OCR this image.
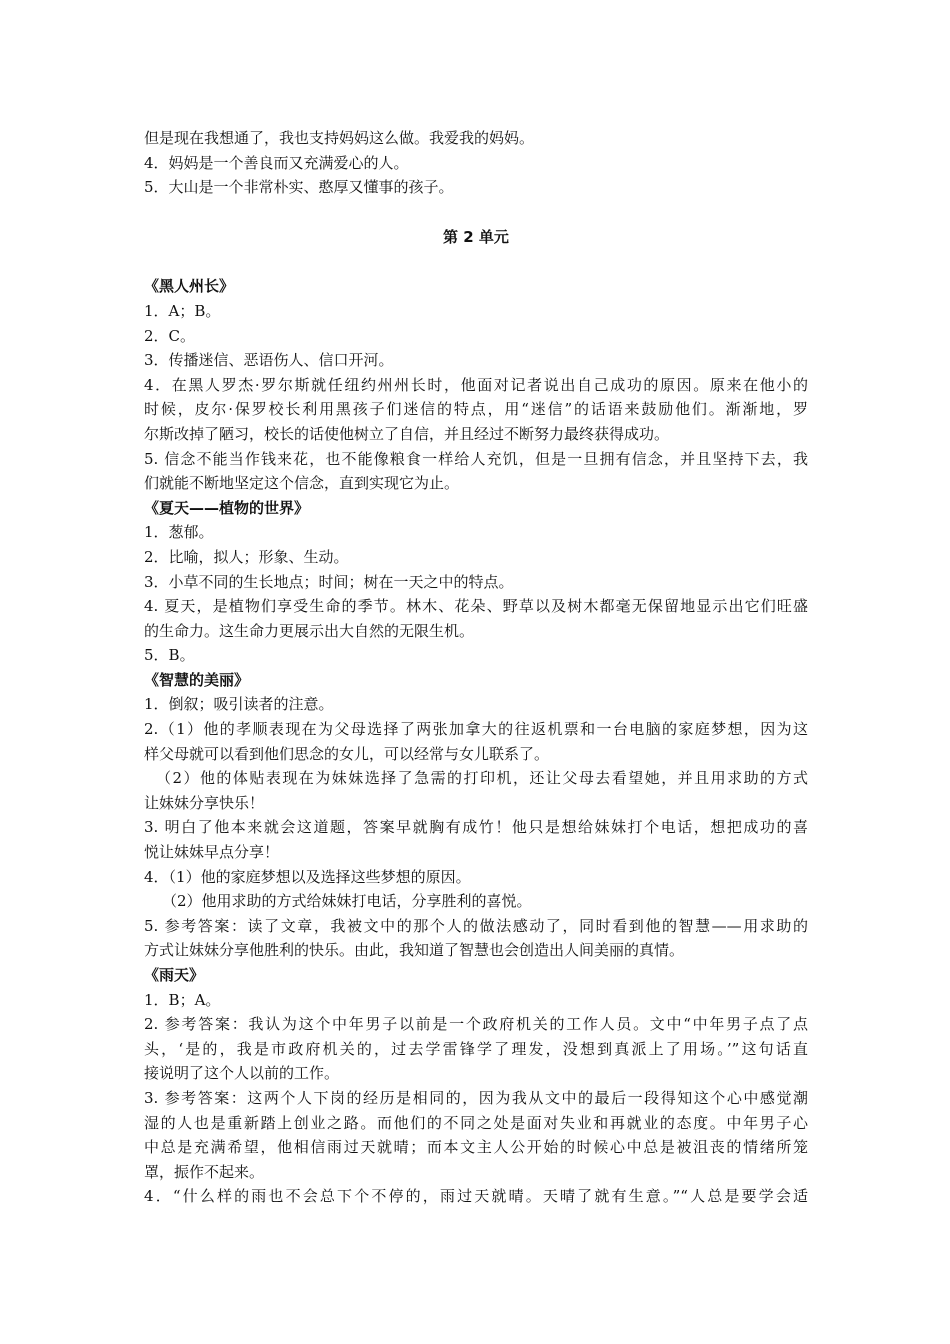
但是现在我想通了，我也支持妈妈这么做。我爱我的妈妈。
4．妈妈是一个善良而又充满爱心的人。
5．大山是一个非常朴实、憨厚又懂事的孩子。
第 2 单元
《黑人州长》
1．A；B。
2．C。
3．传播迷信、恶语伤人、信口开河。
4．在黑人罗杰·罗尔斯就任纽约州州长时，他面对记者说出自己成功的原因。原来在他小的
时候，皮尔·保罗校长利用黑孩子们迷信的特点，用“迷信”的话语来鼓励他们。渐渐地，罗
尔斯改掉了陋习，校长的话使他树立了自信，并且经过不断努力最终获得成功。
5. 信念不能当作钱来花，也不能像粮食一样给人充饥，但是一旦拥有信念，并且坚持下去，我
们就能不断地坚定这个信念，直到实现它为止。
《夏天——植物的世界》
1．葱郁。
2．比喻，拟人；形象、生动。
3．小草不同的生长地点；时间；树在一天之中的特点。
4. 夏天，是植物们享受生命的季节。林木、花朵、野草以及树木都毫无保留地显示出它们旺盛
的生命力。这生命力更展示出大自然的无限生机。
5．B。
《智慧的美丽》
1．倒叙；吸引读者的注意。
2.（1）他的孝顺表现在为父母选择了两张加拿大的往返机票和一台电脑的家庭梦想，因为这
样父母就可以看到他们思念的女儿，可以经常与女儿联系了。
（2）他的体贴表现在为妹妹选择了急需的打印机，还让父母去看望她，并且用求助的方式
让妹妹分享快乐！
3. 明白了他本来就会这道题，答案早就胸有成竹！他只是想给妹妹打个电话，想把成功的喜
悦让妹妹早点分享！
4．（1）他的家庭梦想以及选择这些梦想的原因。
（2）他用求助的方式给妹妹打电话，分享胜利的喜悦。
5. 参考答案：读了文章，我被文中的那个人的做法感动了，同时看到他的智慧——用求助的
方式让妹妹分享他胜利的快乐。由此，我知道了智慧也会创造出人间美丽的真情。
《雨天》
1．B；A。
2. 参考答案：我认为这个中年男子以前是一个政府机关的工作人员。文中“中年男子点了点
头，‘是的，我是市政府机关的，过去学雷锋学了理发，没想到真派上了用场。’”这句话直
接说明了这个人以前的工作。
3. 参考答案：这两个人下岗的经历是相同的，因为我从文中的最后一段得知这个心中感觉潮
湿的人也是重新踏上创业之路。而他们的不同之处是面对失业和再就业的态度。中年男子心
中总是充满希望，他相信雨过天就晴；而本文主人公开始的时候心中总是被沮丧的情绪所笼
罩，振作不起来。
4．“什么样的雨也不会总下个不停的，雨过天就晴。天晴了就有生意。”“人总是要学会适
